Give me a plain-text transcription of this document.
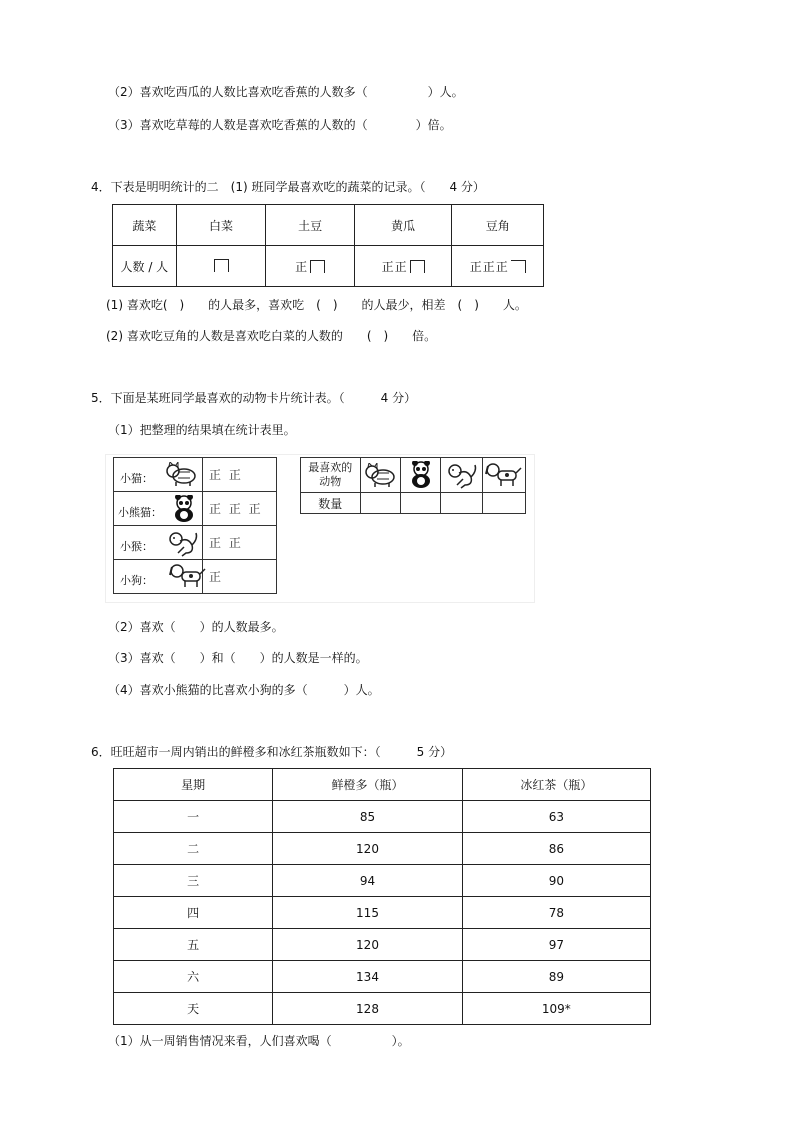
（2）喜欢吃西瓜的人数比喜欢吃香蕉的人数多（　　　　　）人。
（3）喜欢吃草莓的人数是喜欢吃香蕉的人数的（　　　　）倍。
4．下表是明明统计的二　(1) 班同学最喜欢吃的蔬菜的记录。（　　4 分）
蔬菜	白菜	土豆	黄瓜	豆角
人数 / 人		正	正正	正正正
(1) 喜欢吃(　)　　的人最多，喜欢吃　(　)　　的人最少，相差　(　)　　人。
(2) 喜欢吃豆角的人数是喜欢吃白菜的人数的　　(　)　　倍。
5．下面是某班同学最喜欢的动物卡片统计表。（　　　4 分）
（1）把整理的结果填在统计表里。
小猫：	正 正

小熊猫：	正 正 正

小猴：	正 正

小狗：	正
最喜欢的动物	

数量				
（2）喜欢（　　）的人数最多。
（3）喜欢（　　）和（　　）的人数是一样的。
（4）喜欢小熊猫的比喜欢小狗的多（　　　）人。
6．旺旺超市一周内销出的鲜橙多和冰红茶瓶数如下：（　　　5 分）
星期	鲜橙多（瓶）	冰红茶（瓶）
一	85	63
二	120	86
三	94	90
四	115	78
五	120	97
六	134	89
天	128	109*
（1）从一周销售情况来看，人们喜欢喝（　　　　　）。
